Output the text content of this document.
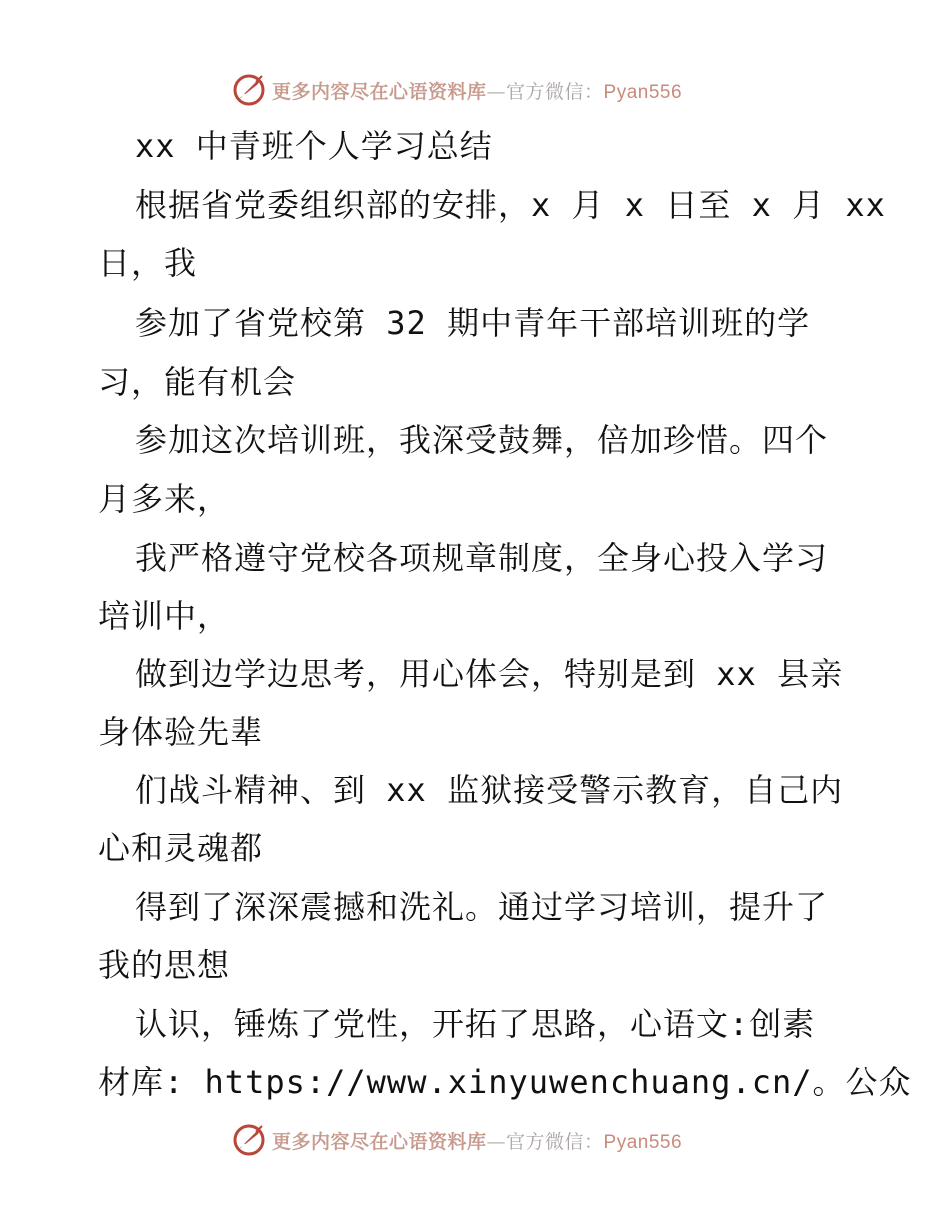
更多内容尽在心语资料库—官方微信：Pyan556
xx 中青班个人学习总结
根据省党委组织部的安排，x 月 x 日至 x 月 xx
日，我
参加了省党校第 32 期中青年干部培训班的学
习，能有机会
参加这次培训班，我深受鼓舞，倍加珍惜。四个
月多来，
我严格遵守党校各项规章制度，全身心投入学习
培训中，
做到边学边思考，用心体会，特别是到 xx 县亲
身体验先辈
们战斗精神、到 xx 监狱接受警示教育，自己内
心和灵魂都
得到了深深震撼和洗礼。通过学习培训，提升了
我的思想
认识，锤炼了党性，开拓了思路，心语文:创素
材库: https://www.xinyuwenchuang.cn/。公众
更多内容尽在心语资料库—官方微信：Pyan556
